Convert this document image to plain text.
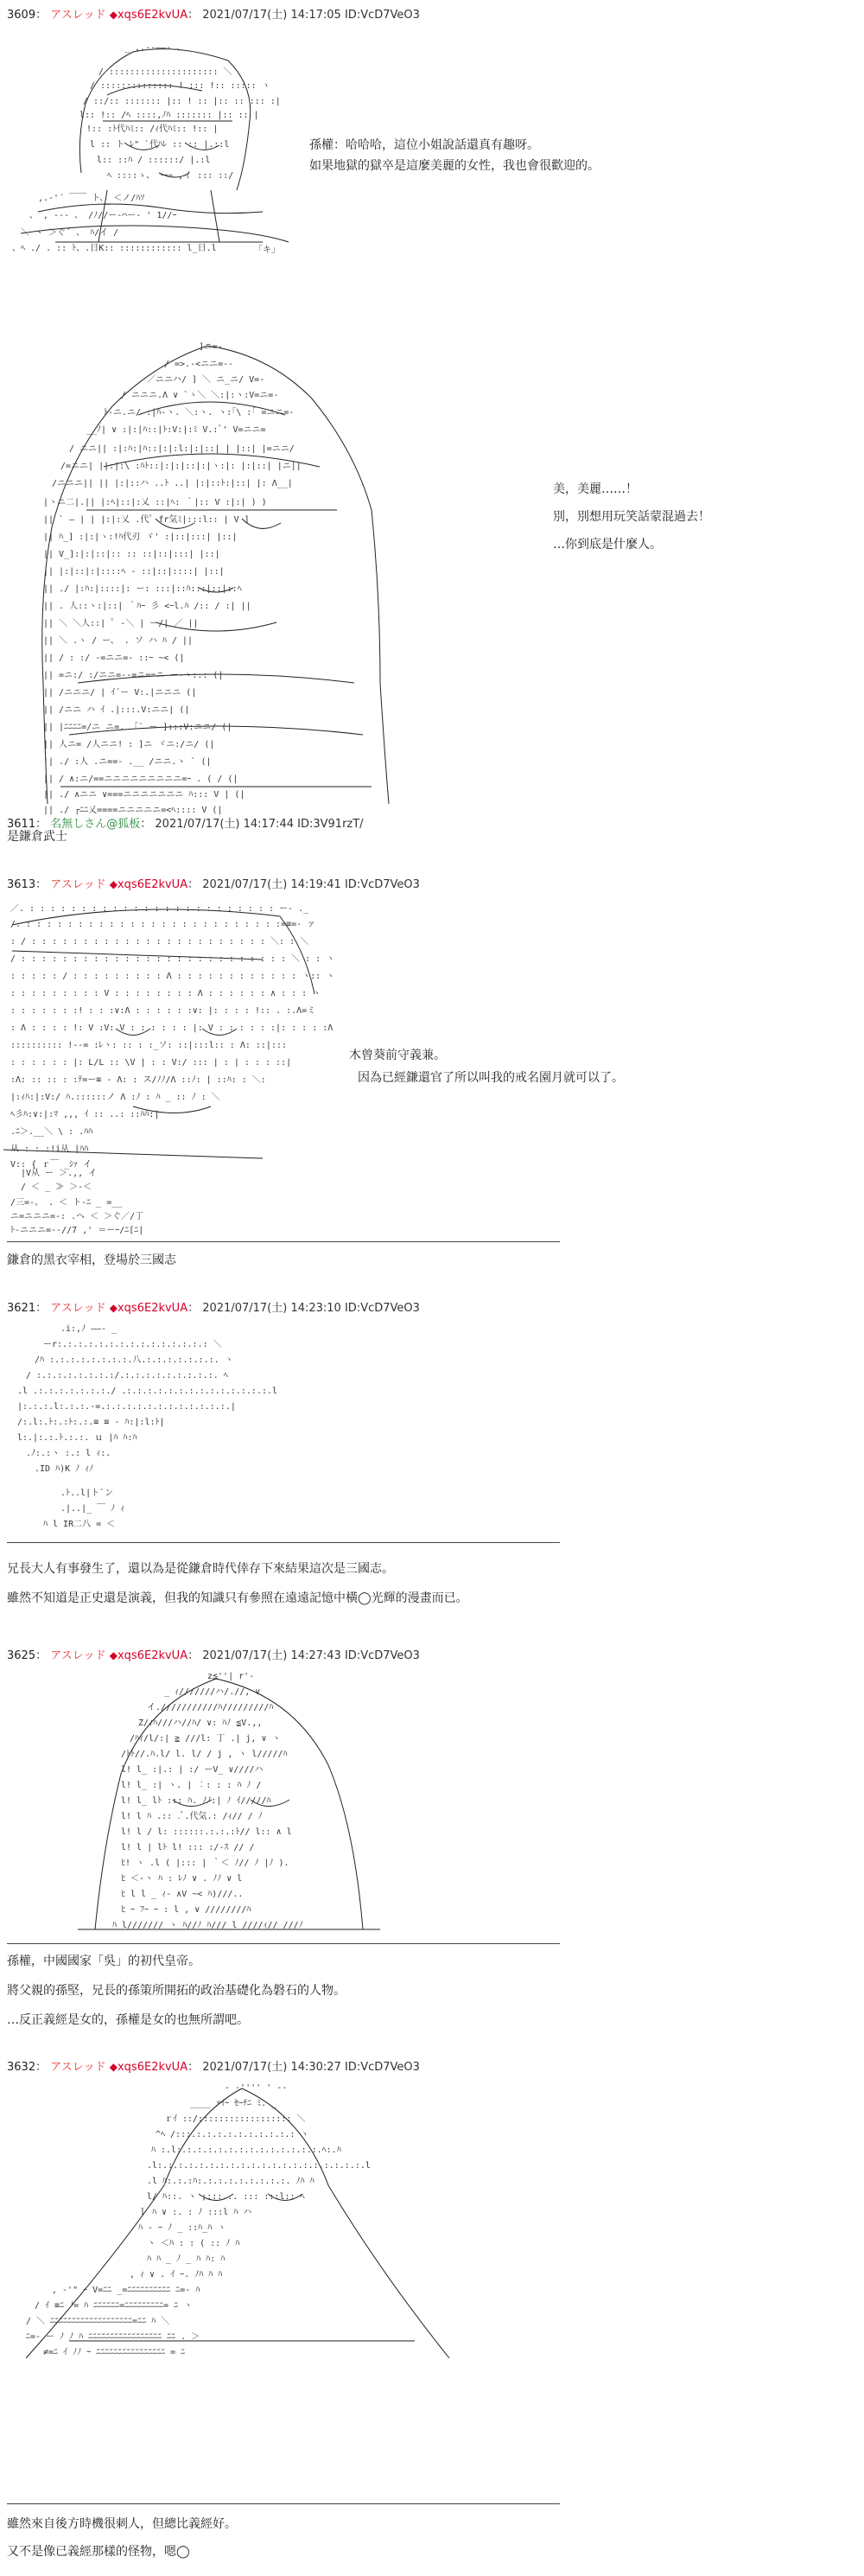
3609： アスレッド ◆xqs6E2kvUA： 2021/07/17(土) 14:17:05 ID:VcD7VeO3
_ ,.-‐――- 、
/ ::::::::::::::::::::: ＼
/ :::::::::::::: ! ::: !:: ::::: ヽ
/ ::/:: ::::::: |:: ! :: |:: :: ::: :|
l:: !:: /ﾍ ::::,ﾉﾊ ::::::: |:: :: |
!:: :ﾄ代ﾊﾐ:: /ｨ代ﾊﾐ:: !:: |
l :: ト ﾚ" `代ﾊﾚ :: :: |.::l
l:: ::ﾊ / ::::::/ |.:l
ﾍ ::::ゝ、 ーｰ ,イ ::: ::/
,.‐'´ ￣￣ ト、 ＜ノ/ﾊｿ
、 , ‐-‐ 、 /ﾉ//ー‐⌒ー‐ ' 1//ｰ
＼ ヽ ＞ぐ´ 、 ﾊ/イ /
、ﾍ ./ . :: ﾄ、.日K:: :::::::::::: l_日.l	「キ」
孫權：哈哈哈，這位小姐說話還真有趣呀。
如果地獄的獄卒是這麼美麗的女性，我也會很歡迎的。
]ニ=-
/ =>.-<ニニ=--
／ニニハ/ ] ＼ ニ_ニ/ V=-
/ ニニニ.Λ ∨ `ヽ＼ ＼:|:ヽ:V=ニ=-
ﾄ-ニ.ニ/ :|ﾊ-ヽ. ＼:ヽ. ヽ:｢\ :｢ =ニニ=-
__ﾉ| ∨ :|:|ﾊ::|ﾄ:V:|:ﾐ V.:ﾞ' V=ニニ=
/ ニニ|| :|:ﾊ:|ﾊ::|:|:l:|:|::| | |::| |=ニニ/
/=ニニ| ||:|:\ :ﾊﾄ::|:|:|::|:|ヽ:|: |:|::| |ニ||
/ニニニ|| || |:|::ハ ..ﾄ ..| |:|::ﾄ:|::| |: Λ__|
|ヽニ二|.|| |:ﾍ|::|:乂 ::|ﾍ: ｀|:: V :|:| ) )
|| ` ― | | |:|:乂 .代ﾟ fr気ﾐ|:::l:: | V ]
|| ﾊ_] :|:|ヽ:!ﾊ代刃 ゞ' :|::|:::| |::|
|| V_]:|:|::|:: :: ::|::|:::| |::|
|| |:|::|:|::::ﾍ - ::|::|::::| |::|
|| ./ |:ﾊ:|::::|: ー: :::|::ﾊ:::|::|::ﾍ
|| . 人::ヽ:|::| ｀ﾊｰ 彡 <ｰl.ﾊ /:: / :| ||
|| ＼ ＼人::| ﾟ ‐＼ | ー/| ／ ||
|| ＼ .ヽ / ー、 . ソ ハ ﾊ / ||
|| / : :/ -=ニニ=- ::ｰ ~< (|
|| =ニ:/ :/ニニ=--=ニ==ニ ー-ヽ:.: (|
|| /ニニニ/ | ｲ´ー V:.|ニニニ (|
|| /ニニ ハ ｲ .|:::.V:ニニ| (|
|| |ﾆﾆﾆﾆ=/ニ ニ=. 「` ー ]:::V:ニニ/ (|
|| 人ニ= /人ニニ! : ]ニ ヾニ:/ニ/ (|
|| ./ :人 .ニ==- .__ /ニニ.ヽ ` (|
|| / ∧:ニ/==ニニニニニニニニニ=ｰ . ( / (|
|| ./ ∧ニニ ∨===ニニニニニニニ ﾊ::: V | (|
|| ./ ┌ﾆﾆ乂====ニニニニニ=<ﾍ:::: V (|
美，美麗……！
別，別想用玩笑話蒙混過去！
…你到底是什麼人。
3611： 名無しさん@狐板： 2021/07/17(土) 14:17:44 ID:3V91rzT/
是鎌倉武士
3613： アスレッド ◆xqs6E2kvUA： 2021/07/17(土) 14:19:41 ID:VcD7VeO3
／. : : : : : : : : : : : : : : : : : : : : : : : : ー- ._
/. : : : : : : : : : : : : : : : : : : : : : : : : :=≡=- ァ
: / : : : : : : : : : : : : : : : : : : : : : : : ＼: : ＼
/ : : : : : : : : : : : : : : : : : : : : : : : : : : ＼ : : ヽ
: : : : : / : : : : : : : : : Λ : : : : : : : : : : : : ヽ:: ヽ
: : : : : : : : : V : : : : : : : : Λ : : : : : : ∧ : : : ヽ
: : : : : : :! : : :∨:Λ : : : : : :∨: |: : : : !:: . :.Λ=ミ
: Λ : : : : !: V :V: V : : : : : : |: V : : : : : :|: : : : :Λ
:::::::::: !--= :ﾚヽ: :: : :_ソ: ::|:::l:: : Λ: ::|:::
: : : : : : |: L/L :: \V | : : V:/ ::: | : | : : : ::|
:Λ: :: :: : :ﾃ=ー≡ - Λ: : ス/ﾉﾉ/Λ ::ﾉ: | ::ﾊ: : ＼:
|:ｨﾊ:|:V:/ ﾊ.::::::ノ Λ :ﾉ : ﾊ _ :: ﾉ : ＼
ﾍ彡ﾊ:∨:|:ﾏ ,,, ｲ :: ..: ::ﾊﾊ:|
.ﾆ＞.__＼ \ : .ﾊﾊ
从 : : :!i从 |ﾊﾊ
V:: { ｒ￣ _ｼｧ イ
|V从 ー ＞.,, イ
/ ＜ _ ≫ ＞-＜
/三=-、 . ＜ ト-ﾆ _ =__
ニ=ニニニ=-: .ヘ ＜ ＞ぐ／/丁
ﾄ-ニニニ=--//7 ,' ＝ーｰ/ﾆ[ﾆ|
木曾葵前守義兼。
因為已經鎌還官了所以叫我的戒名園月就可以了。
鎌倉的黑衣宰相，登場於三國志
3621： アスレッド ◆xqs6E2kvUA： 2021/07/17(土) 14:23:10 ID:VcD7VeO3
.i:,ﾉ ――- _
ーr:.:.:.:.:.:.:.:.:.:.:.:.:.:.: ＼
/ﾊ :.:.:.:.:.:.:.:.八.:.:.:.:.:.:.:. ヽ
/ :.:.:.:.:.:.:.:/.:.:.:.:.:.:.:.:.:. ﾍ
.l .:.:.:.:.:.:.:./ .:.:.:.:.:.:.:.:.:.:.:.:.:.:.l
|:.:.:.l:.:.:.-=.:.:.:.:.:.:.:.:.:.:.:.:.|
/:.l:.ﾄ:.:ﾄ:.:.≡ ≡ - ﾊ:|:l:ﾄ|
l:.|:.:.ﾄ.:.:. ｕ |ﾊ ﾊ:ﾊ
.ﾉ:.:ヽ :.: l ｨ:.
.ID ﾊ)K ﾉ ｨﾉ
.ﾄ..l|ト`ン
.|..|_ ￣ ﾉ ｨ
ﾊ l IR二八 = ＜
兄長大人有事發生了，還以為是從鎌倉時代倖存下來結果這次是三國志。
雖然不知道是正史還是演義，但我的知識只有參照在遠遠記憶中橫◯光輝的漫畫而已。
3625： アスレッド ◆xqs6E2kvUA： 2021/07/17(土) 14:27:43 ID:VcD7VeO3
z≦''| r'-
_ ｨ///////ハ/.//, ∨
イ.///////////ﾊ/////////ﾊ
Z/ｨﾊ///ハ//ﾊ/ ∨: ﾊﾉ ≦V.,,
/ﾊｨ/l/:| ≧ ///l: 丁 .| j, ∨ ヽ
/ﾄﾄ//.ﾊ.l/ l. l/ / j , ヽ l/////ﾊ
l! l_ :|.: | :/ ーV_ ∨////ハ
l! l_ :| ヽ. | ︰: : : ﾊ ﾉ /
l! l_ lﾄ ::: ﾊ. ﾉﾉ:| ﾉ ｲ/////ﾊ
l! l ﾊ .:: .ﾞ.代気.: /ｨ// / ﾉ
l! l / l: ::::::.:.:.:ﾄ// l:: ∧ l
l! l | lﾄ l! ::: :/-ｽ // /
ﾋ! ヽ .l ( |::: | ｀＜ ﾉ// ﾉ |ﾉ ).
ﾋ ＜-ヽ ﾊ : ﾚﾉ ∨ . ﾉﾉ ∨ l
ﾋ l l _ ｨ- ∧V ~< ﾊ)///..
ﾋ ｰ ﾌｰ ｰ : l , ∨ ////////ﾊ
ﾊ l/////// ヽ ﾊ//ﾉ ﾊ/// l ////ｨ// ///ﾉ
孫權，中國國家「吳」的初代皇帝。
將父親的孫堅，兄長的孫策所開拓的政治基礎化為磐石的人物。
…反正義經是女的，孫權是女的也無所謂吧。
3632： アスレッド ◆xqs6E2kvUA： 2021/07/17(土) 14:30:27 ID:VcD7VeO3
- ‐'''' ' ‐-
____ ｧｲｰ ｾｰﾁﾆ ﾐ. _
ｒｲ ::/:::::::::::::::::: ＼
^ﾍ /:::.:.:.:.:.:.:.:.:.:.: ヽ
ﾊ :.l:.:.:.:.:.:.:.:.:.:.:.:.:.:.ﾍ:.ﾊ
.l:.:.:.:.:.:.:.:.:.:.:.:.:.:.:.:.:.:.:.:.l
.l ﾊ:.:.:ﾊ:.:.:.:.:.:.:.:.:. ﾉﾊ ﾊ
l/ ﾊ::. ヽ ;:::... ::: :::l:: ﾍ
ｌ ﾊ ∨ :. : ﾉ :::l ﾊ ハ
ﾊ - ｰ ﾉ _ ::ﾊ_ﾊ ヽ
ヽ ＜ﾊ : : ( :: ﾉ ﾊ
ﾊ ﾊ _ ﾉ _ ﾊ ﾊ: ﾊ
, ｨ ∨ . ｲ ｰ. ﾉﾊ ﾊ ﾊ
, ‐'" ｰ V=ﾆﾆ _=ﾆﾆﾆﾆﾆﾆﾆﾆﾆﾆ ﾆ=- ﾊ
/ ｲ ≡ﾆ ﾉ= ﾊ ﾆﾆﾆﾆﾆﾆ=ﾆﾆﾆﾆﾆﾆﾆﾆﾆ= ﾆ ヽ
/ ＼ ﾆﾆﾆﾆﾆﾆﾆﾆﾆﾆﾆﾆﾆﾆﾆﾆﾆﾆﾆ=ﾆﾆ ﾊ ＼
ﾆ=- ー ﾉ ﾉ ﾊ ﾆﾆﾆﾆﾆﾆﾆﾆﾆﾆﾆﾆﾆﾆﾆﾆﾆ ﾆﾆ . ＞
≠=ﾆ ｲ ﾉﾉ ｰ ﾆﾆﾆﾆﾆﾆﾆﾆﾆﾆﾆﾆﾆﾆﾆﾆ = ﾆ
雖然來自後方時機很刺人，但總比義經好。
又不是像已義經那樣的怪物，嗯◯
